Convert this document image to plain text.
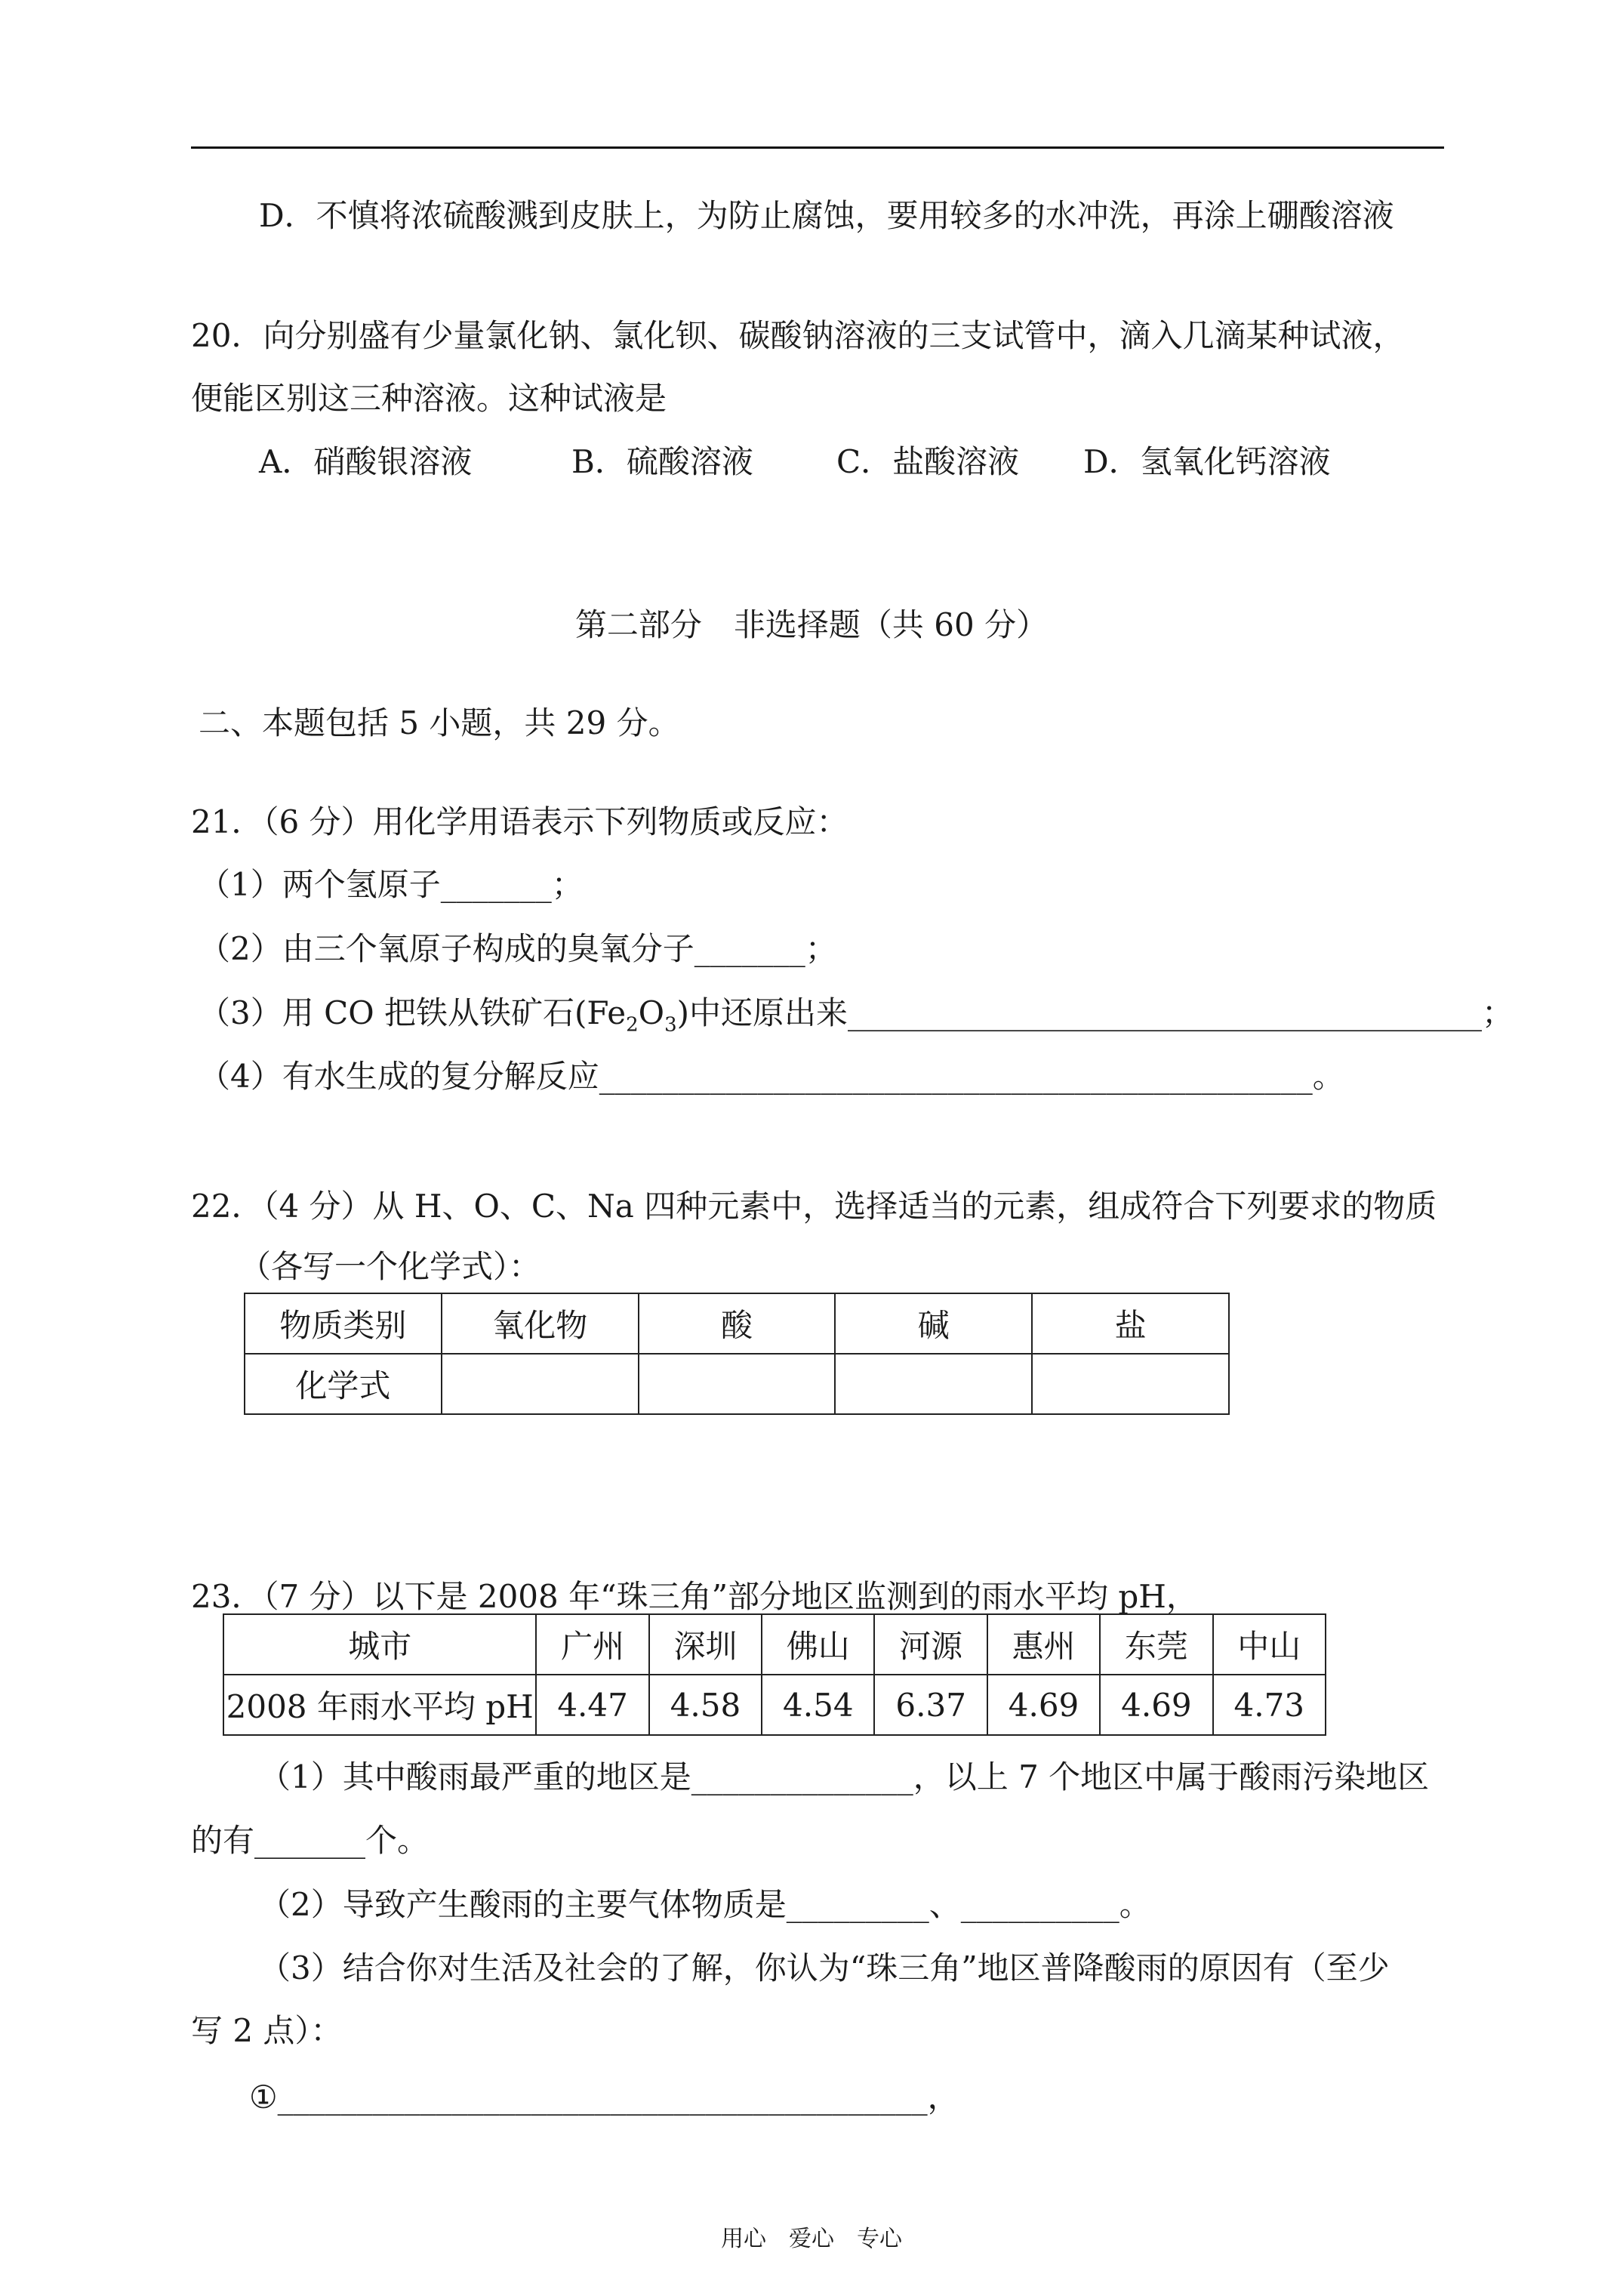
D．不慎将浓硫酸溅到皮肤上，为防止腐蚀，要用较多的水冲洗，再涂上硼酸溶液
20．向分别盛有少量氯化钠、氯化钡、碳酸钠溶液的三支试管中，滴入几滴某种试液，
便能区别这三种溶液。这种试液是
A．硝酸银溶液	B．硫酸溶液	C．盐酸溶液 D．氢氧化钙溶液
第二部分　非选择题（共 60 分）
二、本题包括 5 小题，共 29 分。
21．（6 分）用化学用语表示下列物质或反应：
（1）两个氢原子_______；
（2）由三个氧原子构成的臭氧分子_______；
（3）用 CO 把铁从铁矿石$(Fe_2O_3)$中还原出来________________________________________；
（4）有水生成的复分解反应_____________________________________________。
22．（4 分）从 H、O、C、Na 四种元素中，选择适当的元素，组成符合下列要求的物质
（各写一个化学式）：
物质类别	氧化物	酸	碱	盐
化学式				
23．（7 分）以下是 2008 年“珠三角”部分地区监测到的雨水平均 pH，
城市	广州	深圳	佛山	河源	惠州	东莞	中山
2008 年雨水平均 pH	4.47	4.58	4.54	6.37	4.69	4.69	4.73
（1）其中酸雨最严重的地区是______________，以上 7 个地区中属于酸雨污染地区
的有_______个。
（2）导致产生酸雨的主要气体物质是_________、__________。
（3）结合你对生活及社会的了解，你认为“珠三角”地区普降酸雨的原因有（至少
写 2 点）：
①_________________________________________，
用心　爱心　专心
